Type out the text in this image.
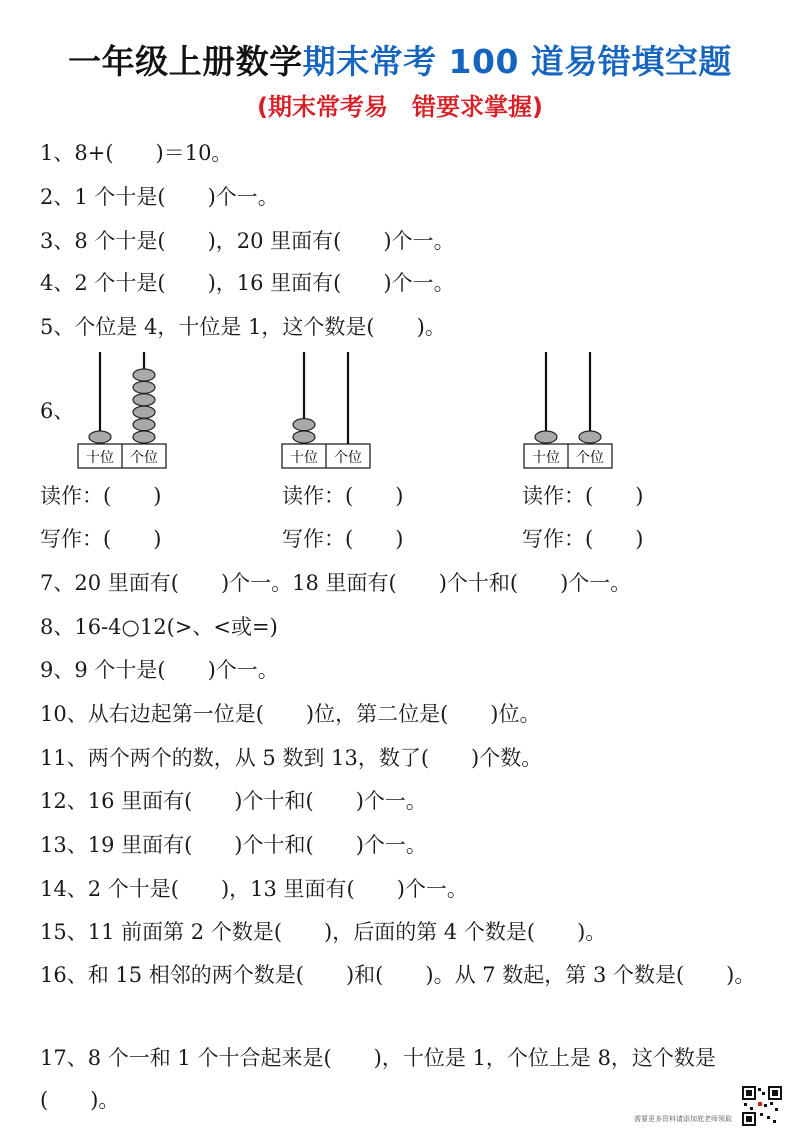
一年级上册数学期末常考 100 道易错填空题
(期末常考易　错要求掌握)
1、8+(　　)＝10。
2、1 个十是(　　)个一。
3、8 个十是(　　)，20 里面有(　　)个一。
4、2 个十是(　　)，16 里面有(　　)个一。
5、个位是 4，十位是 1，这个数是(　　)。
6、
十位 个位	十位 个位	十位 个位
读作：(　　)	读作：(　　)	读作：(　　)
写作：(　　)	写作：(　　)	写作：(　　)
7、20 里面有(　　)个一。18 里面有(　　)个十和(　　)个一。
8、16-4○12(>、<或=)
9、9 个十是(　　)个一。
10、从右边起第一位是(　　)位，第二位是(　　)位。
11、两个两个的数，从 5 数到 13，数了(　　)个数。
12、16 里面有(　　)个十和(　　)个一。
13、19 里面有(　　)个十和(　　)个一。
14、2 个十是(　　)，13 里面有(　　)个一。
15、11 前面第 2 个数是(　　)，后面的第 4 个数是(　　)。
16、和 15 相邻的两个数是(　　)和(　　)。从 7 数起，第 3 个数是(　　)。
17、8 个一和 1 个十合起来是(　　)，十位是 1，个位上是 8，这个数是(　　)。
需要更多资料请添加底老师领取
